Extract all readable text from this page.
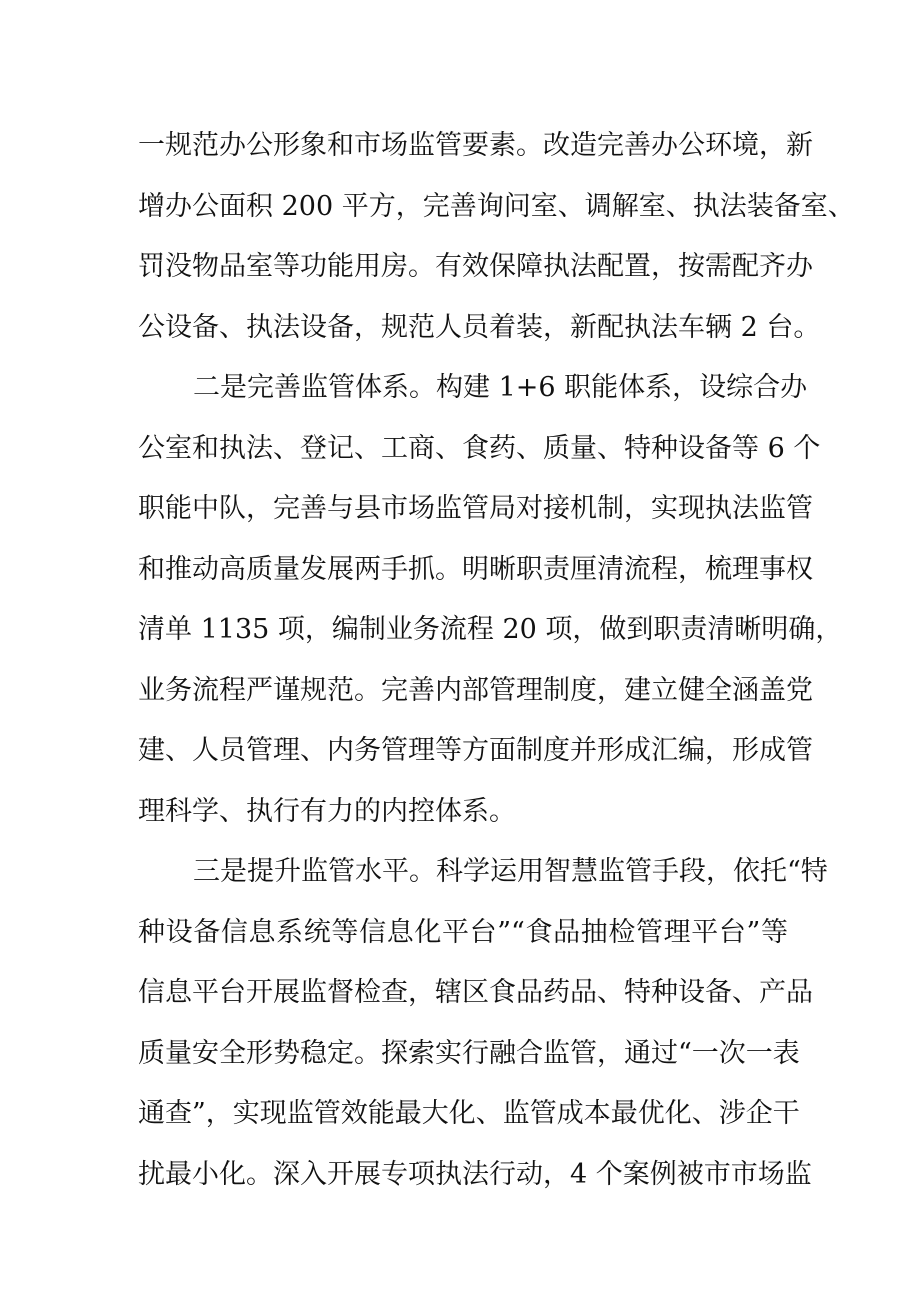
一规范办公形象和市场监管要素。改造完善办公环境，新
增办公面积 200 平方，完善询问室、调解室、执法装备室、
罚没物品室等功能用房。有效保障执法配置，按需配齐办
公设备、执法设备，规范人员着装，新配执法车辆 2 台。
二是完善监管体系。构建 1+6 职能体系，设综合办
公室和执法、登记、工商、食药、质量、特种设备等 6 个
职能中队，完善与县市场监管局对接机制，实现执法监管
和推动高质量发展两手抓。明晰职责厘清流程，梳理事权
清单 1135 项，编制业务流程 20 项，做到职责清晰明确，
业务流程严谨规范。完善内部管理制度，建立健全涵盖党
建、人员管理、内务管理等方面制度并形成汇编，形成管
理科学、执行有力的内控体系。
三是提升监管水平。科学运用智慧监管手段，依托“特
种设备信息系统等信息化平台”“食品抽检管理平台”等
信息平台开展监督检查，辖区食品药品、特种设备、产品
质量安全形势稳定。探索实行融合监管，通过“一次一表
通查”，实现监管效能最大化、监管成本最优化、涉企干
扰最小化。深入开展专项执法行动，4 个案例被市市场监
